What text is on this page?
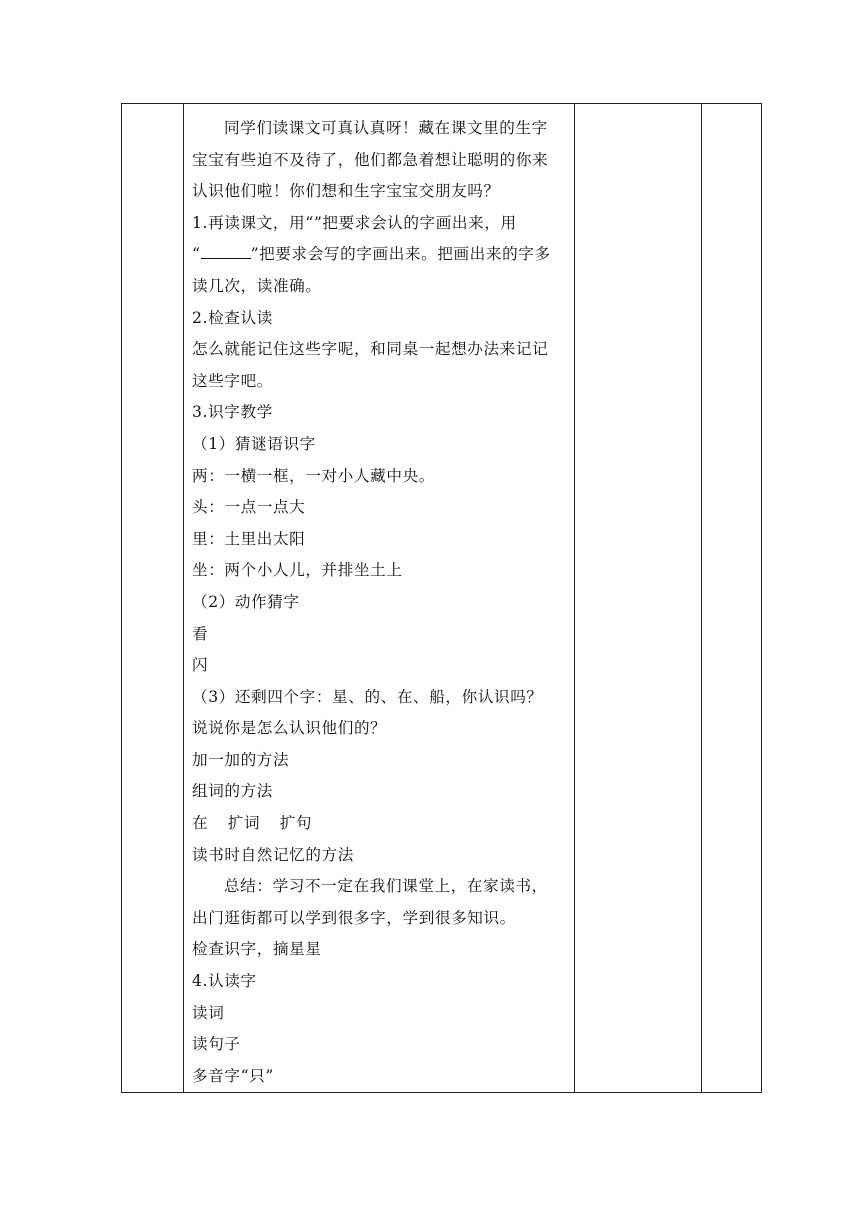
同学们读课文可真认真呀！藏在课文里的生字
宝宝有些迫不及待了，他们都急着想让聪明的你来
认识他们啦！你们想和生字宝宝交朋友吗？
1.再读课文，用“”把要求会认的字画出来，用
“	”把要求会写的字画出来。把画出来的字多
读几次，读准确。
2.检查认读
怎么就能记住这些字呢，和同桌一起想办法来记记
这些字吧。
3.识字教学
（1）猜谜语识字
两：一横一框，一对小人藏中央。
头：一点一点大
里：土里出太阳
坐：两个小人儿，并排坐土上
（2）动作猜字
看
闪
（3）还剩四个字：星、的、在、船，你认识吗？
说说你是怎么认识他们的？
加一加的方法
组词的方法
在 扩词 扩句
读书时自然记忆的方法
总结：学习不一定在我们课堂上，在家读书，
出门逛街都可以学到很多字，学到很多知识。
检查识字，摘星星
4.认读字
读词
读句子
多音字“只”
